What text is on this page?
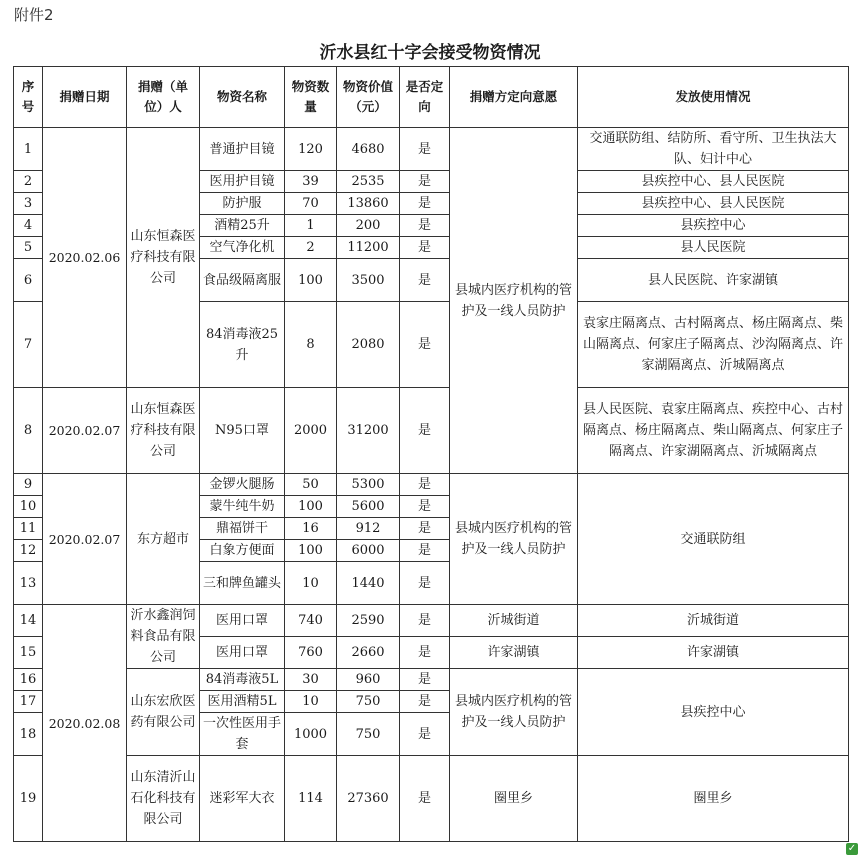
附件2
沂水县红十字会接受物资情况
序号	捐赠日期	捐赠（单位）人	物资名称	物资数量	物资价值（元）	是否定向	捐赠方定向意愿	发放使用情况
1	2020.02.06	山东恒森医疗科技有限公司	普通护目镜	120	4680	是	县城内医疗机构的管护及一线人员防护	交通联防组、结防所、看守所、卫生执法大队、妇计中心
2			医用护目镜	39	2535	是		县疾控中心、县人民医院
3			防护服	70	13860	是		县疾控中心、县人民医院
4			酒精25升	1	200	是		县疾控中心
5			空气净化机	2	11200	是		县人民医院
6			食品级隔离服	100	3500	是		县人民医院、许家湖镇
7			84消毒液25升	8	2080	是		袁家庄隔离点、古村隔离点、杨庄隔离点、柴山隔离点、何家庄子隔离点、沙沟隔离点、许家湖隔离点、沂城隔离点
8	2020.02.07	山东恒森医疗科技有限公司	N95口罩	2000	31200	是		县人民医院、袁家庄隔离点、疾控中心、古村隔离点、杨庄隔离点、柴山隔离点、何家庄子隔离点、许家湖隔离点、沂城隔离点
9	2020.02.07	东方超市	金锣火腿肠	50	5300	是	县城内医疗机构的管护及一线人员防护	交通联防组
10			蒙牛纯牛奶	100	5600	是		
11			鼎福饼干	16	912	是		
12			白象方便面	100	6000	是		
13			三和牌鱼罐头	10	1440	是		
14	2020.02.08	沂水鑫润饲料食品有限公司	医用口罩	740	2590	是	沂城街道	沂城街道
15			医用口罩	760	2660	是	许家湖镇	许家湖镇
16		山东宏欣医药有限公司	84消毒液5L	30	960	是	县城内医疗机构的管护及一线人员防护	县疾控中心
17			医用酒精5L	10	750	是		
18			一次性医用手套	1000	750	是		
19		山东清沂山石化科技有限公司	迷彩军大衣	114	27360	是	圈里乡	圈里乡
✓
